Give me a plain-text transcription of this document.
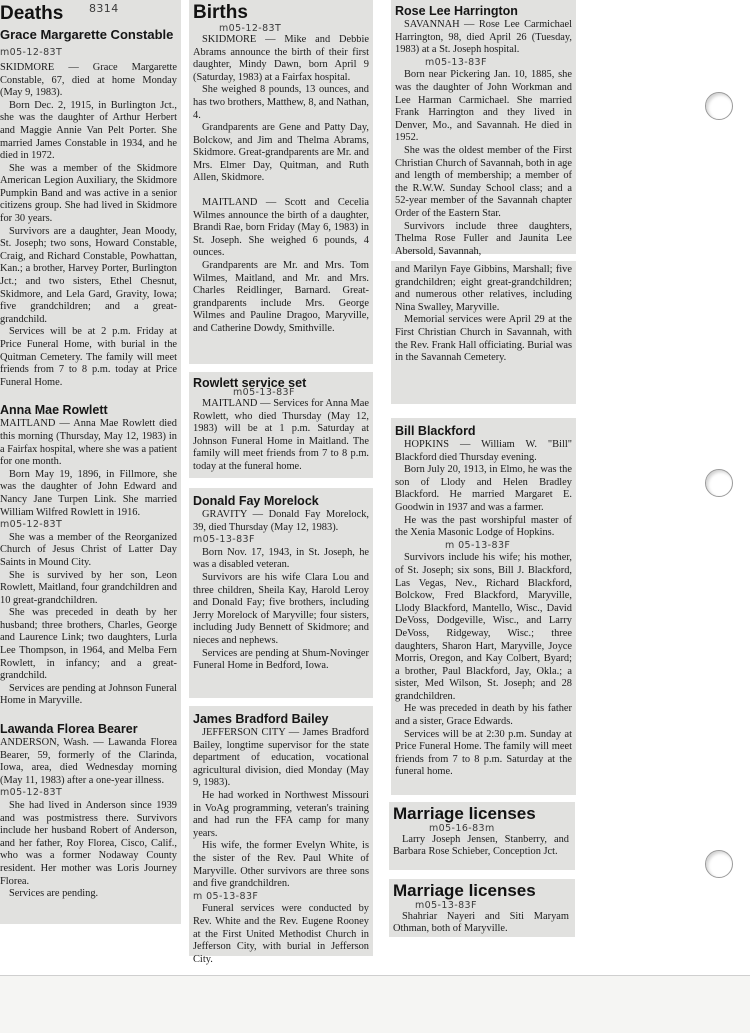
Deaths	8314
Grace Margarette Constable m05-12-83T

SKIDMORE — Grace Margarette Constable, 67, died at home Monday (May 9, 1983).

Born Dec. 2, 1915, in Burlington Jct., she was the daughter of Arthur Herbert and Maggie Annie Van Pelt Porter. She married James Constable in 1934, and he died in 1972.

She was a member of the Skidmore American Legion Auxiliary, the Skidmore Pumpkin Band and was active in a senior citizens group. She had lived in Skidmore for 30 years.

Survivors are a daughter, Jean Moody, St. Joseph; two sons, Howard Constable, Craig, and Richard Constable, Powhattan, Kan.; a brother, Harvey Porter, Burlington Jct.; and two sisters, Ethel Chesnut, Skidmore, and Lela Gard, Gravity, Iowa; five grandchildren; and a great-grandchild.

Services will be at 2 p.m. Friday at Price Funeral Home, with burial in the Quitman Cemetery. The family will meet friends from 7 to 8 p.m. today at Price Funeral Home.

Anna Mae Rowlett

MAITLAND — Anna Mae Rowlett died this morning (Thursday, May 12, 1983) in a Fairfax hospital, where she was a patient for one month.

Born May 19, 1896, in Fillmore, she was the daughter of John Edward and Nancy Jane Turpen Link. She married William Wilfred Rowlett in 1916.

m05-12-83T

She was a member of the Reorganized Church of Jesus Christ of Latter Day Saints in Mound City.

She is survived by her son, Leon Rowlett, Maitland, four grandchildren and 10 great-grandchildren.

She was preceded in death by her husband; three brothers, Charles, George and Laurence Link; two daughters, Lurla Lee Thompson, in 1964, and Melba Fern Rowlett, in infancy; and a great-grandchild.

Services are pending at Johnson Funeral Home in Maryville.

Lawanda Florea Bearer

ANDERSON, Wash. — Lawanda Florea Bearer, 59, formerly of the Clarinda, Iowa, area, died Wednesday morning (May 11, 1983) after a one-year illness.

m05-12-83T

She had lived in Anderson since 1939 and was postmistress there. Survivors include her husband Robert of Anderson, and her father, Roy Florea, Cisco, Calif., who was a former Nodaway County resident. Her mother was Loris Journey Florea.

Services are pending.

Births
m05-12-83T

SKIDMORE — Mike and Debbie Abrams announce the birth of their first daughter, Mindy Dawn, born April 9 (Saturday, 1983) at a Fairfax hospital.

She weighed 8 pounds, 13 ounces, and has two brothers, Matthew, 8, and Nathan, 4.

Grandparents are Gene and Patty Day, Bolckow, and Jim and Thelma Abrams, Skidmore. Great-grandparents are Mr. and Mrs. Elmer Day, Quitman, and Ruth Allen, Skidmore.

MAITLAND — Scott and Cecelia Wilmes announce the birth of a daughter, Brandi Rae, born Friday (May 6, 1983) in St. Joseph. She weighed 6 pounds, 4 ounces.

Grandparents are Mr. and Mrs. Tom Wilmes, Maitland, and Mr. and Mrs. Charles Reidlinger, Barnard. Great-grandparents include Mrs. George Wilmes and Pauline Dragoo, Maryville, and Catherine Dowdy, Smithville.

Rowlett service set
m05-13-83F

MAITLAND — Services for Anna Mae Rowlett, who died Thursday (May 12, 1983) will be at 1 p.m. Saturday at Johnson Funeral Home in Maitland. The family will meet friends from 7 to 8 p.m. today at the funeral home.

Donald Fay Morelock

GRAVITY — Donald Fay Morelock, 39, died Thursday (May 12, 1983).

m05-13-83F

Born Nov. 17, 1943, in St. Joseph, he was a disabled veteran.

Survivors are his wife Clara Lou and three children, Sheila Kay, Harold Leroy and Donald Fay; five brothers, including Jerry Morelock of Maryville; four sisters, including Judy Bennett of Skidmore; and nieces and nephews.

Services are pending at Shum-Novinger Funeral Home in Bedford, Iowa.

James Bradford Bailey

JEFFERSON CITY — James Bradford Bailey, longtime supervisor for the state department of education, vocational agricultural division, died Monday (May 9, 1983).

He had worked in Northwest Missouri in VoAg programming, veteran's training and had run the FFA camp for many years.

His wife, the former Evelyn White, is the sister of the Rev. Paul White of Maryville. Other survivors are three sons and five grandchildren.

m 05-13-83F

Funeral services were conducted by Rev. White and the Rev. Eugene Rooney at the First United Methodist Church in Jefferson City, with burial in Jefferson City.

Rose Lee Harrington

SAVANNAH — Rose Lee Carmichael Harrington, 98, died April 26 (Tuesday, 1983) at a St. Joseph hospital.

m05-13-83F

Born near Pickering Jan. 10, 1885, she was the daughter of John Workman and Lee Harman Carmichael. She married Frank Harrington and they lived in Denver, Mo., and Savannah. He died in 1952.

She was the oldest member of the First Christian Church of Savannah, both in age and length of membership; a member of the R.W.W. Sunday School class; and a 52-year member of the Savannah chapter Order of the Eastern Star.

Survivors include three daughters, Thelma Rose Fuller and Jaunita Lee Abersold, Savannah,

and Marilyn Faye Gibbins, Marshall; five grandchildren; eight great-grandchildren; and numerous other relatives, including Nina Swalley, Maryville.

Memorial services were April 29 at the First Christian Church in Savannah, with the Rev. Frank Hall officiating. Burial was in the Savannah Cemetery.

Bill Blackford

HOPKINS — William W. "Bill" Blackford died Thursday evening.

Born July 20, 1913, in Elmo, he was the son of Llody and Helen Bradley Blackford. He married Margaret E. Goodwin in 1937 and was a farmer.

He was the past worshipful master of the Xenia Masonic Lodge of Hopkins.

m 05-13-83F

Survivors include his wife; his mother, of St. Joseph; six sons, Bill J. Blackford, Las Vegas, Nev., Richard Blackford, Bolckow, Fred Blackford, Maryville, Llody Blackford, Mantello, Wisc., David DeVoss, Dodgeville, Wisc., and Larry DeVoss, Ridgeway, Wisc.; three daughters, Sharon Hart, Maryville, Joyce Morris, Oregon, and Kay Colbert, Byard; a brother, Paul Blackford, Jay, Okla.; a sister, Med Wilson, St. Joseph; and 28 grandchildren.

He was preceded in death by his father and a sister, Grace Edwards.

Services will be at 2:30 p.m. Sunday at Price Funeral Home. The family will meet friends from 7 to 8 p.m. Saturday at the funeral home.

Marriage licenses
m05-16-83m

Larry Joseph Jensen, Stanberry, and Barbara Rose Schieber, Conception Jct.

Marriage licenses
m05-13-83F

Shahriar Nayeri and Siti Maryam Othman, both of Maryville.
